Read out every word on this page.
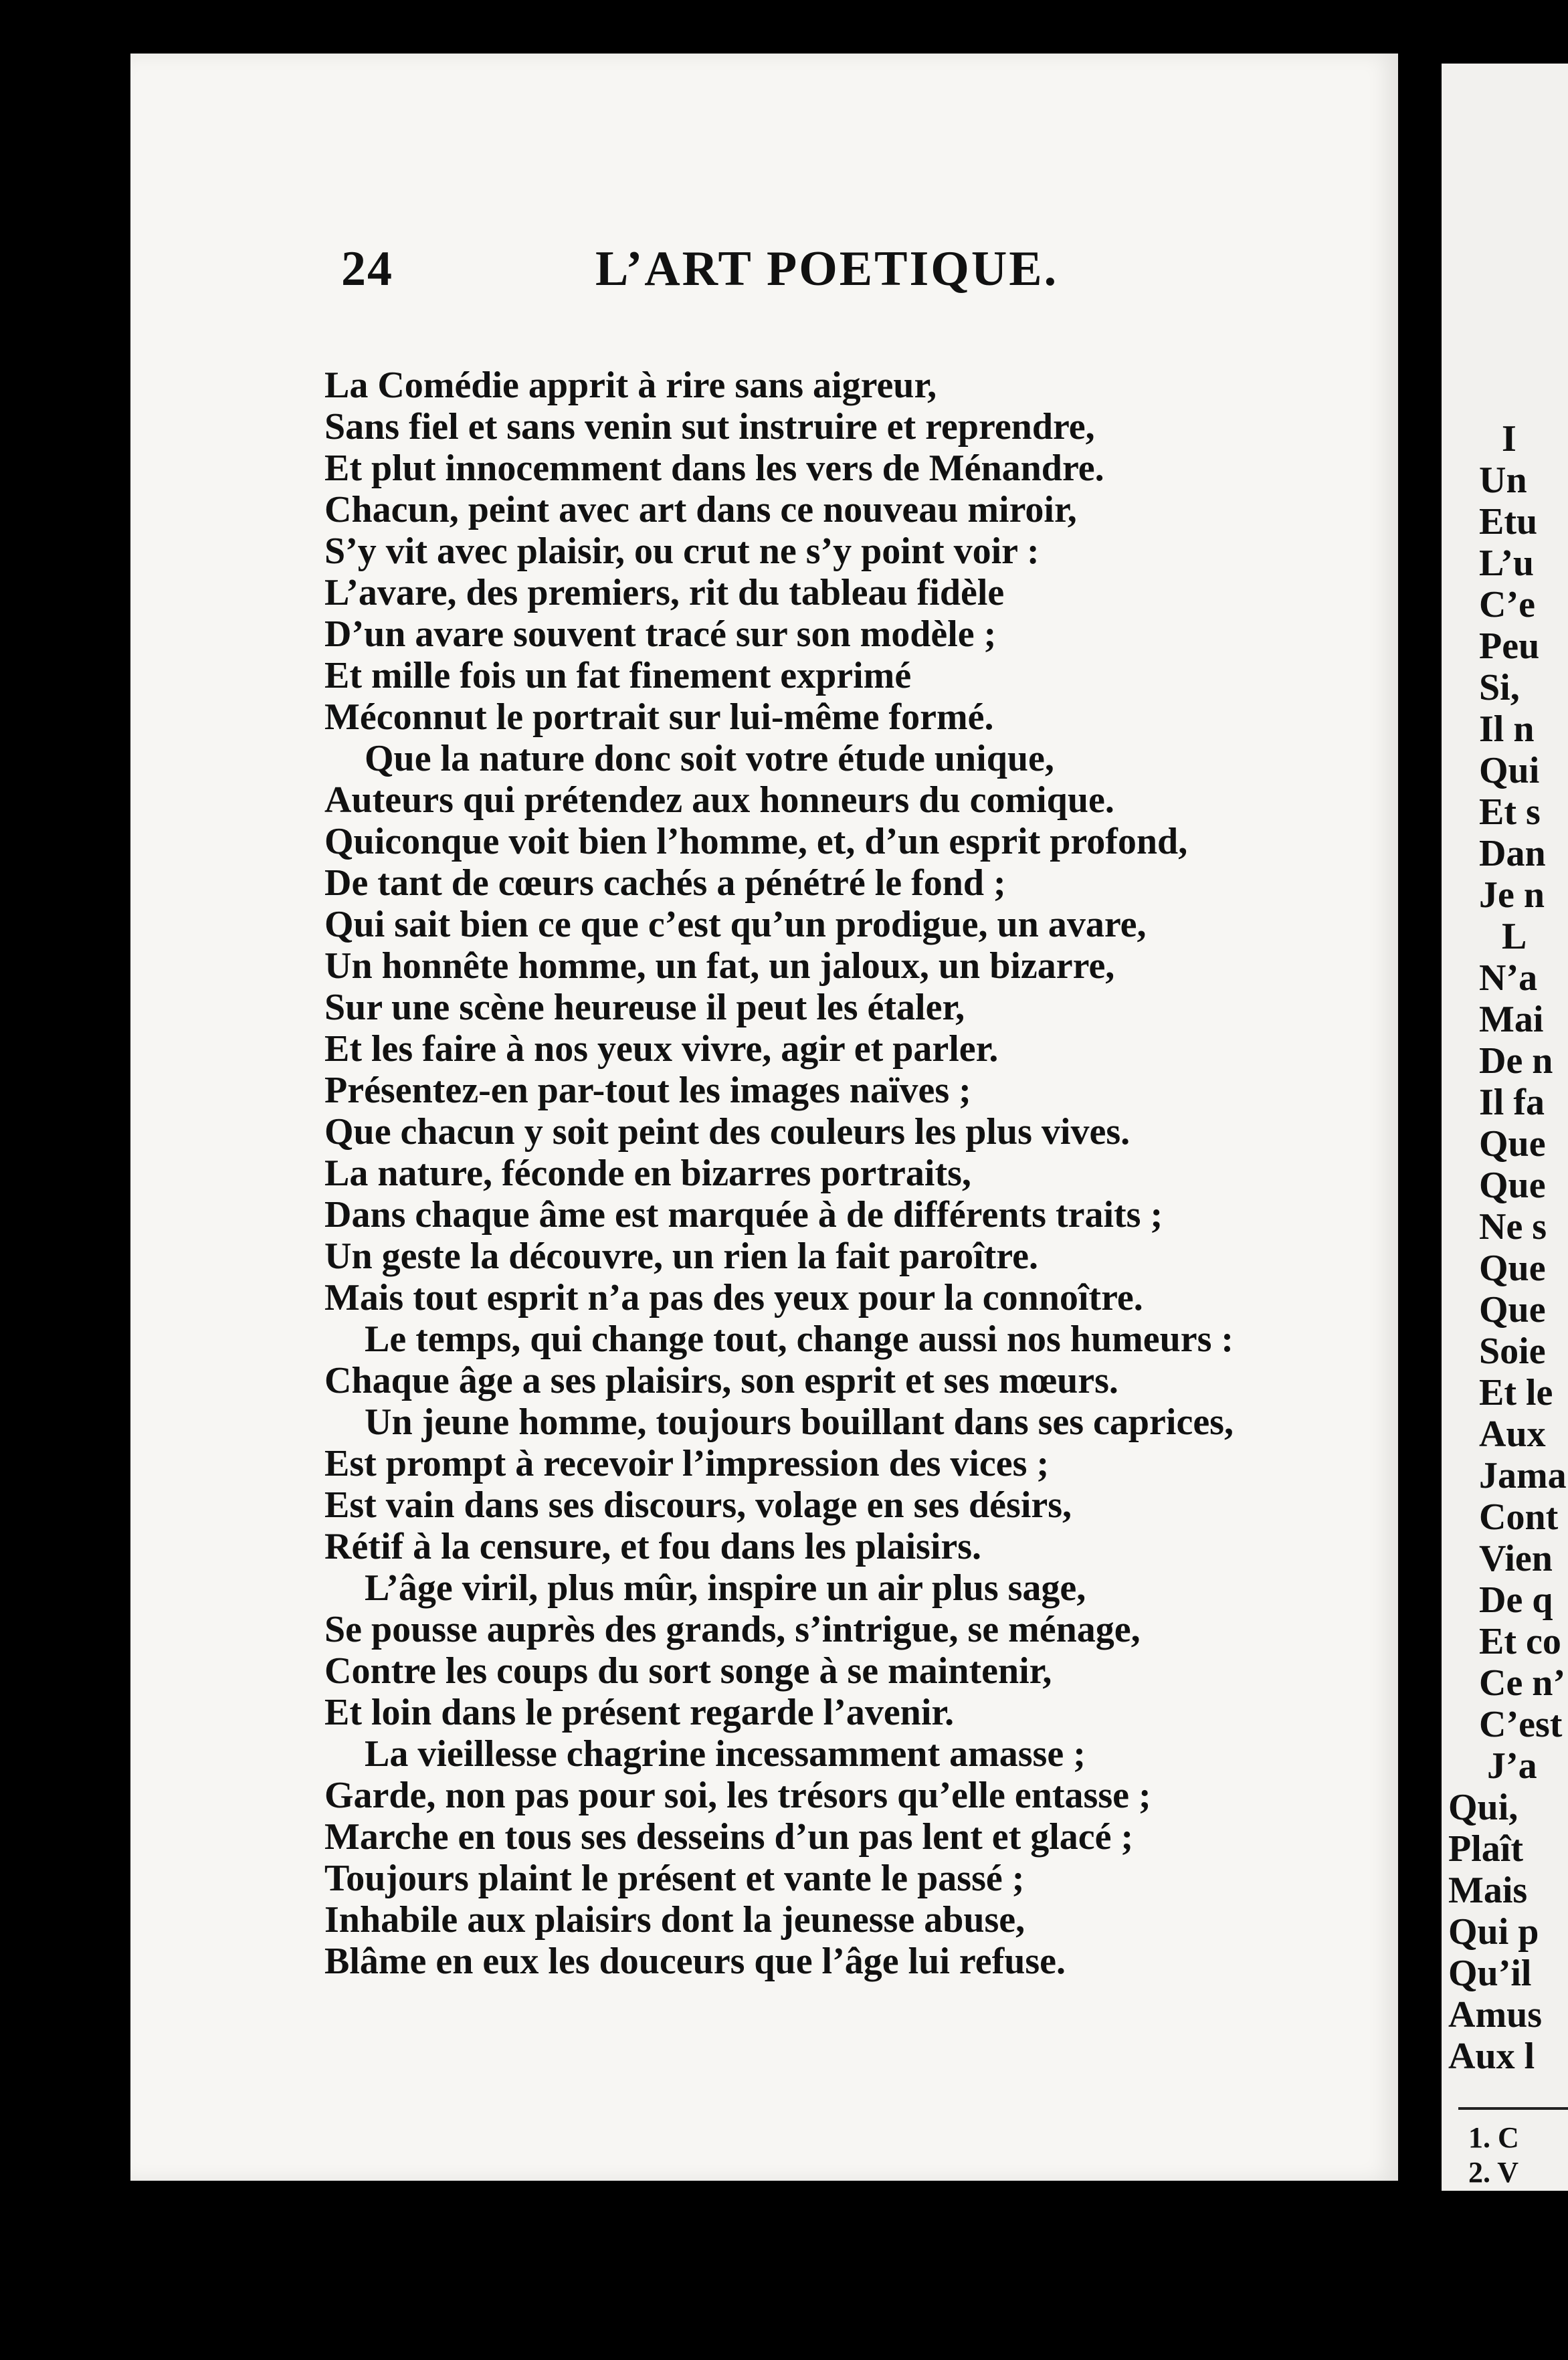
24	L’ART POETIQUE.
La Comédie apprit à rire sans aigreur,
Sans fiel et sans venin sut instruire et reprendre,
Et plut innocemment dans les vers de Ménandre.
Chacun, peint avec art dans ce nouveau miroir,
S’y vit avec plaisir, ou crut ne s’y point voir :
L’avare, des premiers, rit du tableau fidèle
D’un avare souvent tracé sur son modèle ;
Et mille fois un fat finement exprimé
Méconnut le portrait sur lui-même formé.
Que la nature donc soit votre étude unique,
Auteurs qui prétendez aux honneurs du comique.
Quiconque voit bien l’homme, et, d’un esprit profond,
De tant de cœurs cachés a pénétré le fond ;
Qui sait bien ce que c’est qu’un prodigue, un avare,
Un honnête homme, un fat, un jaloux, un bizarre,
Sur une scène heureuse il peut les étaler,
Et les faire à nos yeux vivre, agir et parler.
Présentez-en par-tout les images naïves ;
Que chacun y soit peint des couleurs les plus vives.
La nature, féconde en bizarres portraits,
Dans chaque âme est marquée à de différents traits ;
Un geste la découvre, un rien la fait paroître.
Mais tout esprit n’a pas des yeux pour la connoître.
Le temps, qui change tout, change aussi nos humeurs :
Chaque âge a ses plaisirs, son esprit et ses mœurs.
Un jeune homme, toujours bouillant dans ses caprices,
Est prompt à recevoir l’impression des vices ;
Est vain dans ses discours, volage en ses désirs,
Rétif à la censure, et fou dans les plaisirs.
L’âge viril, plus mûr, inspire un air plus sage,
Se pousse auprès des grands, s’intrigue, se ménage,
Contre les coups du sort songe à se maintenir,
Et loin dans le présent regarde l’avenir.
La vieillesse chagrine incessamment amasse ;
Garde, non pas pour soi, les trésors qu’elle entasse ;
Marche en tous ses desseins d’un pas lent et glacé ;
Toujours plaint le présent et vante le passé ;
Inhabile aux plaisirs dont la jeunesse abuse,
Blâme en eux les douceurs que l’âge lui refuse.
I
Un
Etu
L’u
C’e
Peu
Si,
Il n
Qui
Et s
Dan
Je n
L
N’a
Mai
De n
Il fa
Que
Que
Ne s
Que
Que
Soie
Et le
Aux
Jama
Cont
Vien
De q
Et co
Ce n’
C’est
J’a
Qui,
Plaît
Mais
Qui p
Qu’il
Amus
Aux l
1. C
2. V
